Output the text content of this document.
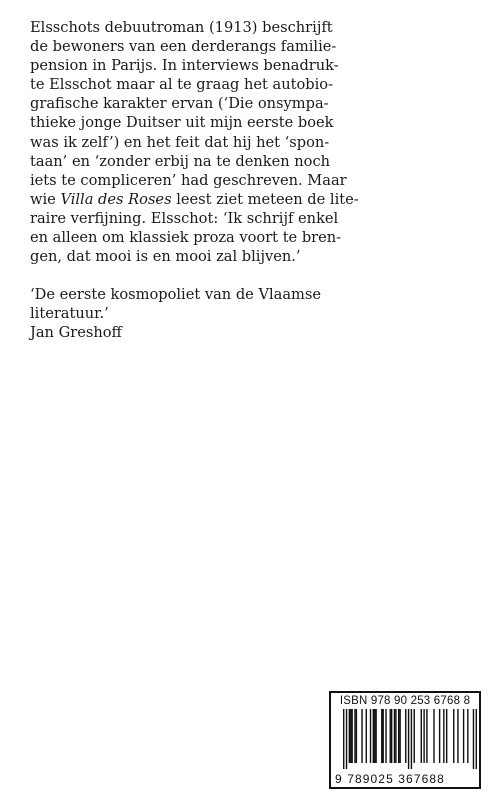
Elsschots debuutroman (1913) beschrijft
de bewoners van een derderangs familie-
pension in Parijs. In interviews benadruk-
te Elsschot maar al te graag het autobio-
grafische karakter ervan (‘Die onsympa-
thieke jonge Duitser uit mijn eerste boek
was ik zelf’) en het feit dat hij het ‘spon-
taan’ en ‘zonder erbij na te denken noch
iets te compliceren’ had geschreven. Maar
wie Villa des Roses leest ziet meteen de lite-
raire verfijning. Elsschot: ‘Ik schrijf enkel
en alleen om klassiek proza voort te bren-
gen, dat mooi is en mooi zal blijven.’
‘De eerste kosmopoliet van de Vlaamse
literatuur.’
Jan Greshoff
ISBN 978 90 253 6768 8
9 789025 367688
